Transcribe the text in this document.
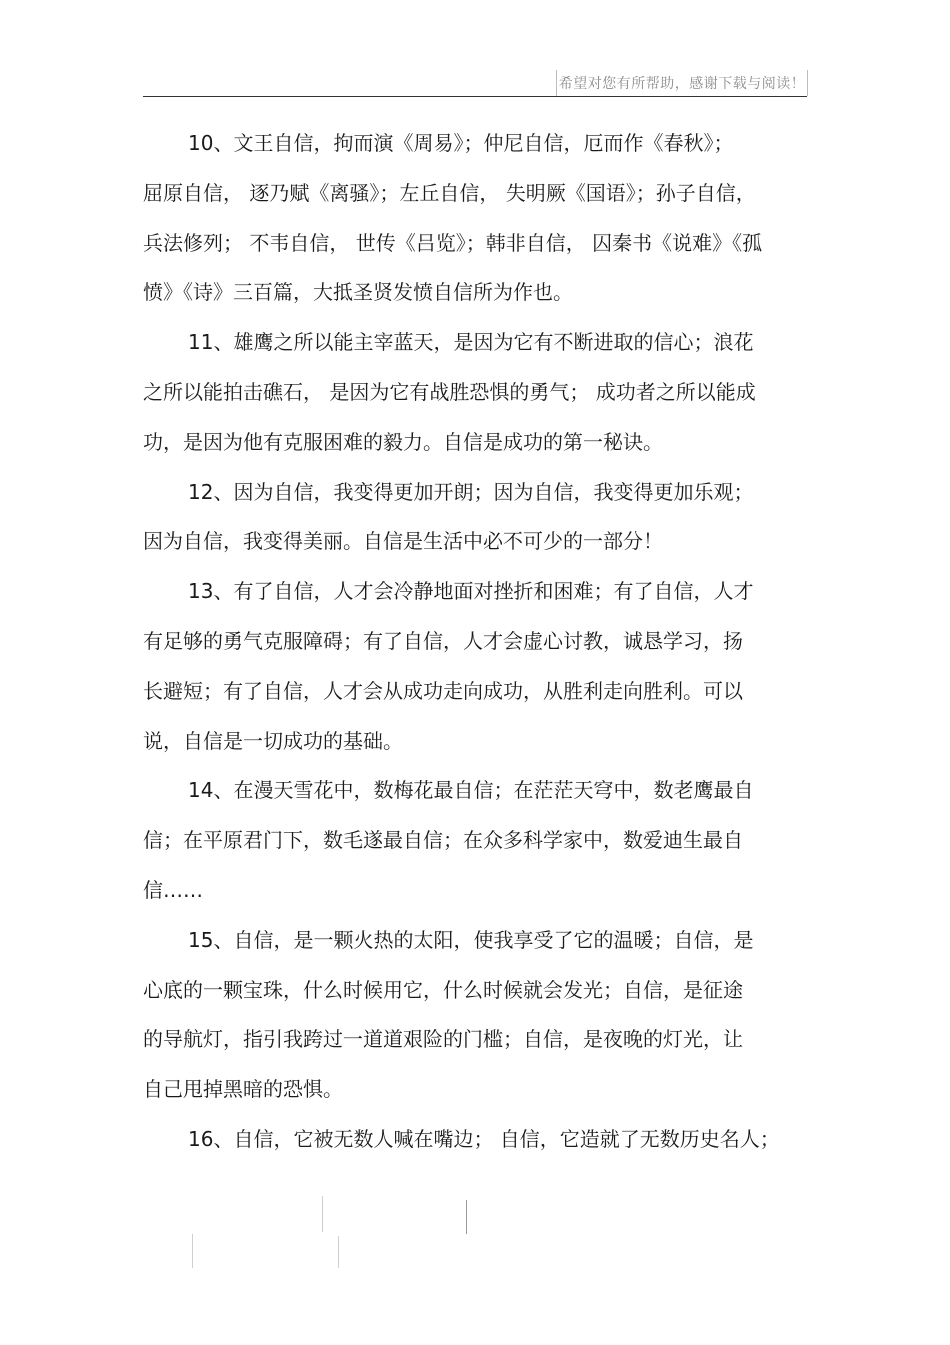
希望对您有所帮助，感谢下载与阅读！

10、文王自信，拘而演《周易》；仲尼自信，厄而作《春秋》；
屈原自信， 逐乃赋《离骚》；左丘自信， 失明厥《国语》；孙子自信，
兵法修列； 不韦自信， 世传《吕览》；韩非自信， 囚秦书《说难》《孤
愤》《诗》三百篇，大抵圣贤发愤自信所为作也。

11、雄鹰之所以能主宰蓝天，是因为它有不断进取的信心；浪花
之所以能拍击礁石， 是因为它有战胜恐惧的勇气； 成功者之所以能成
功，是因为他有克服困难的毅力。自信是成功的第一秘诀。

12、因为自信，我变得更加开朗；因为自信，我变得更加乐观；
因为自信，我变得美丽。自信是生活中必不可少的一部分！

13、有了自信，人才会冷静地面对挫折和困难；有了自信，人才
有足够的勇气克服障碍；有了自信，人才会虚心讨教，诚恳学习，扬
长避短；有了自信，人才会从成功走向成功，从胜利走向胜利。可以
说，自信是一切成功的基础。

14、在漫天雪花中，数梅花最自信；在茫茫天穹中，数老鹰最自
信；在平原君门下，数毛遂最自信；在众多科学家中，数爱迪生最自
信……

15、自信，是一颗火热的太阳，使我享受了它的温暖；自信，是
心底的一颗宝珠，什么时候用它，什么时候就会发光；自信，是征途
的导航灯，指引我跨过一道道艰险的门槛；自信，是夜晚的灯光，让
自己甩掉黑暗的恐惧。

16、自信，它被无数人喊在嘴边； 自信，它造就了无数历史名人；
